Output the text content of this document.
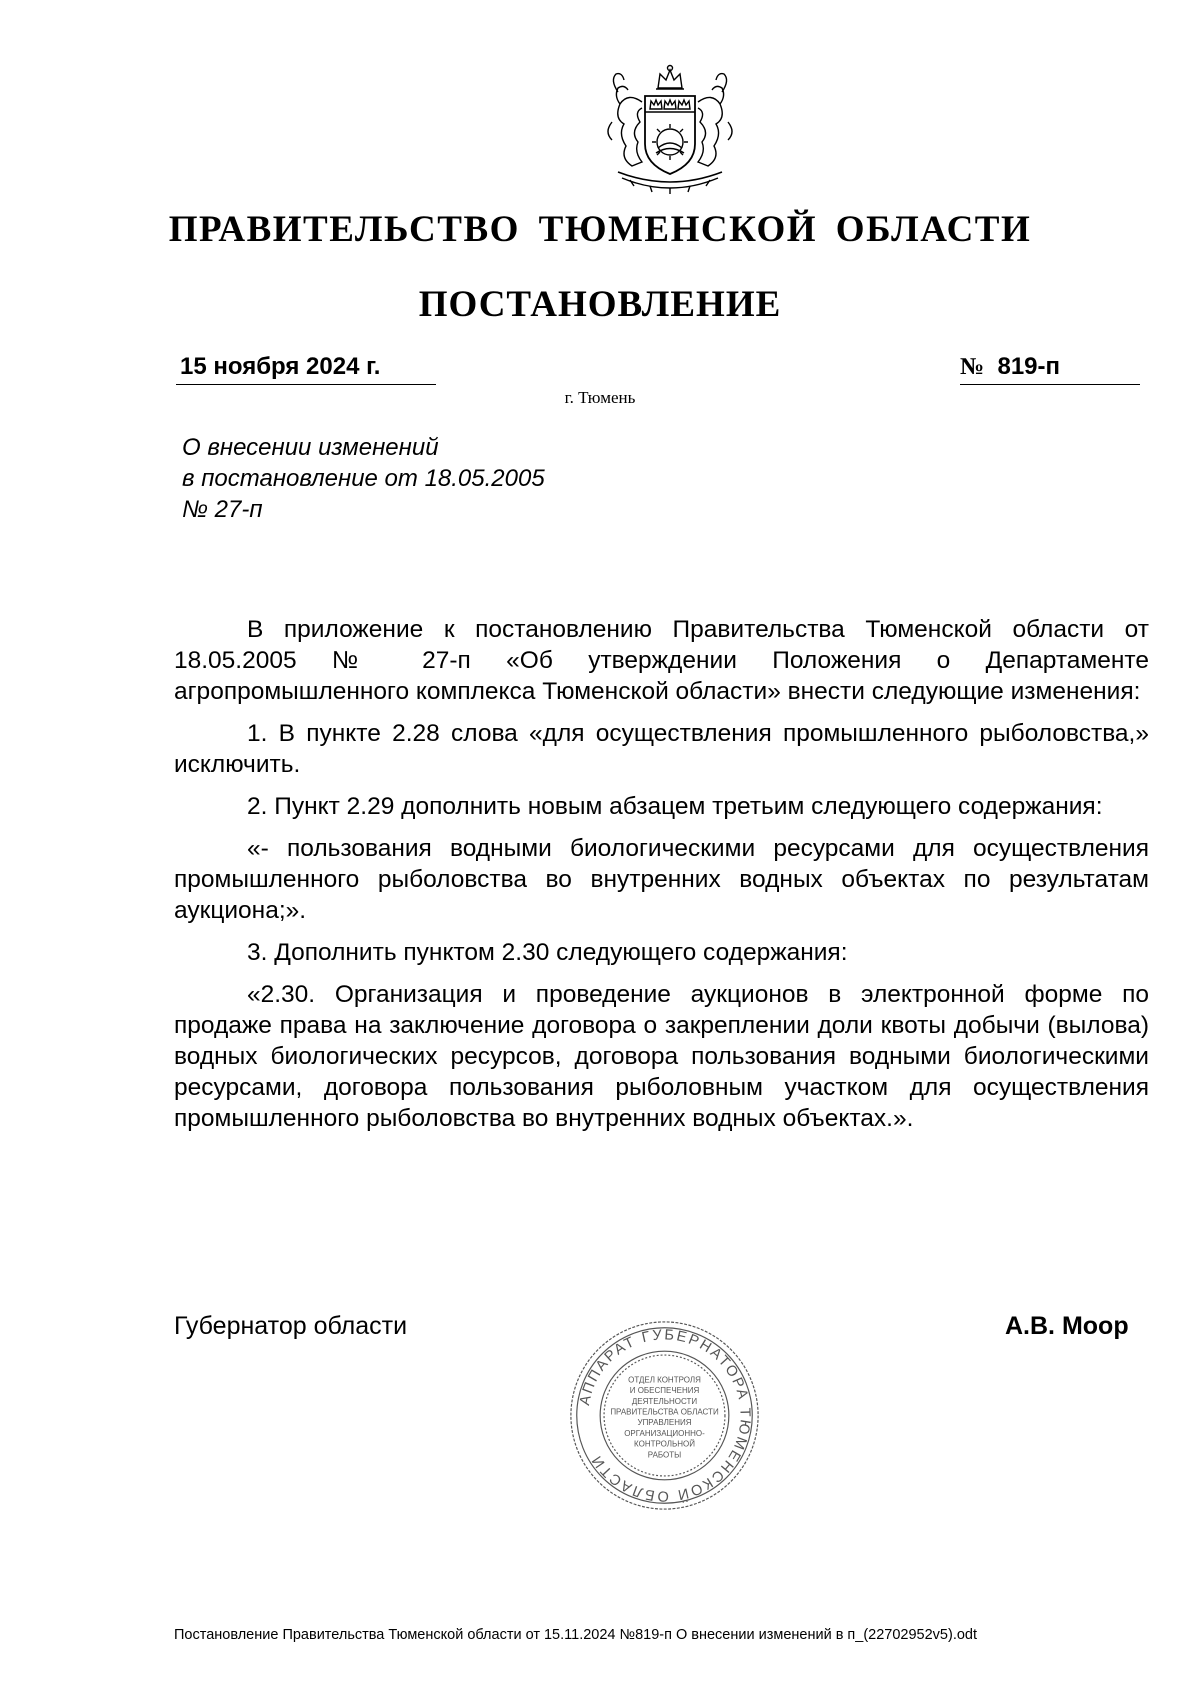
ПРАВИТЕЛЬСТВО ТЮМЕНСКОЙ ОБЛАСТИ
ПОСТАНОВЛЕНИЕ
15 ноября 2024 г.	№ 819-п
г. Тюмень
О внесении изменений
в постановление от 18.05.2005
№ 27-п

В приложение к постановлению Правительства Тюменской области от 18.05.2005 № 27-п «Об утверждении Положения о Департаменте агропромышленного комплекса Тюменской области» внести следующие изменения:

1. В пункте 2.28 слова «для осуществления промышленного рыболовства,» исключить.

2. Пункт 2.29 дополнить новым абзацем третьим следующего содержания:

«- пользования водными биологическими ресурсами для осуществления промышленного рыболовства во внутренних водных объектах по результатам аукциона;».

3. Дополнить пунктом 2.30 следующего содержания:

«2.30. Организация и проведение аукционов в электронной форме по продаже права на заключение договора о закреплении доли квоты добычи (вылова) водных биологических ресурсов, договора пользования водными биологическими ресурсами, договора пользования рыболовным участком для осуществления промышленного рыболовства во внутренних водных объектах.».

Губернатор области	А.В. Моор
АППАРАТ ГУБЕРНАТОРА ТЮМЕНСКОЙ ОБЛАСТИ
ОТДЕЛ КОНТРОЛЯ
И ОБЕСПЕЧЕНИЯ
ДЕЯТЕЛЬНОСТИ
ПРАВИТЕЛЬСТВА ОБЛАСТИ
УПРАВЛЕНИЯ
ОРГАНИЗАЦИОННО-
КОНТРОЛЬНОЙ
РАБОТЫ
Постановление Правительства Тюменской области от 15.11.2024 №819-п О внесении изменений в п_(22702952v5).odt
